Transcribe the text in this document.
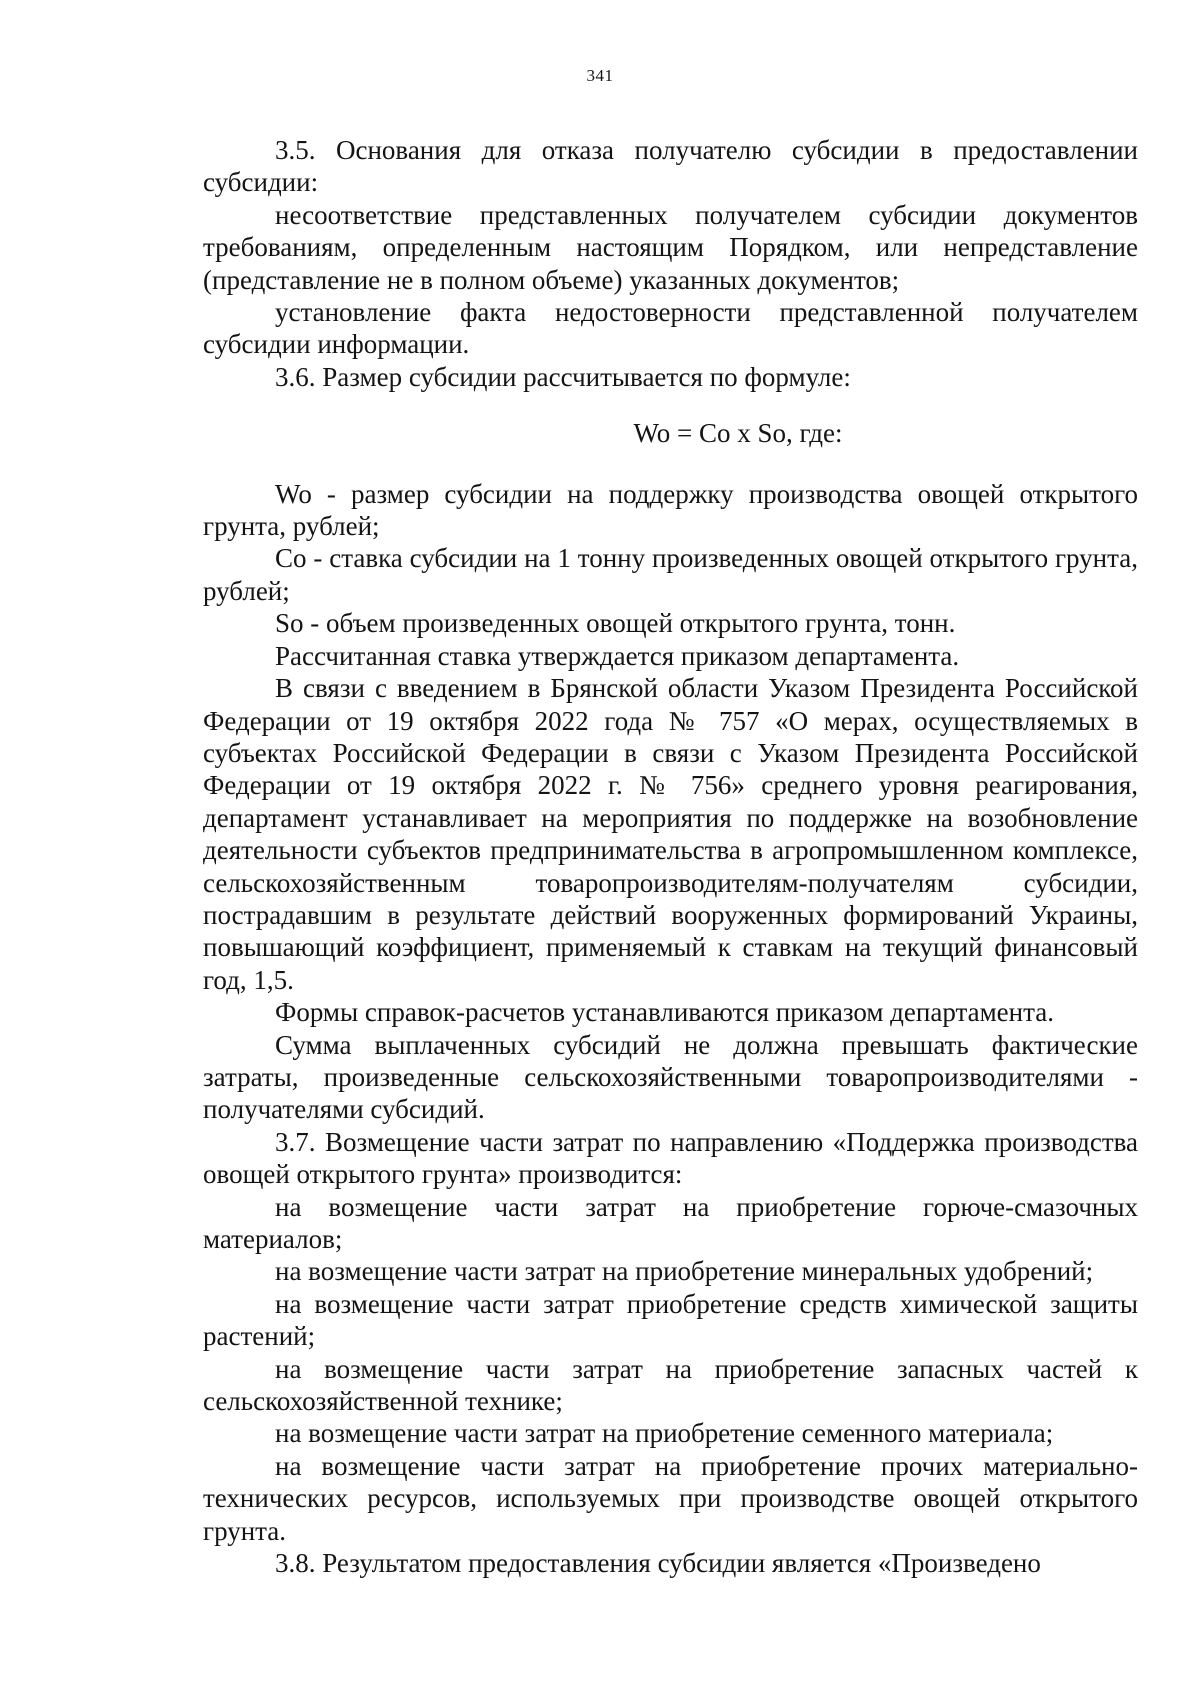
341

3.5. Основания для отказа получателю субсидии в предоставлении субсидии:

несоответствие представленных получателем субсидии документов требованиям, определенным настоящим Порядком, или непредставление (представление не в полном объеме) указанных документов;

установление факта недостоверности представленной получателем субсидии информации.

3.6. Размер субсидии рассчитывается по формуле:

Wo = Co x So, где:

Wo - размер субсидии на поддержку производства овощей открытого грунта, рублей;

Co - ставка субсидии на 1 тонну произведенных овощей открытого грунта, рублей;

So - объем произведенных овощей открытого грунта, тонн.

Рассчитанная ставка утверждается приказом департамента.

В связи с введением в Брянской области Указом Президента Российской Федерации от 19 октября 2022 года № 757 «О мерах, осуществляемых в субъектах Российской Федерации в связи с Указом Президента Российской Федерации от 19 октября 2022 г. № 756» среднего уровня реагирования, департамент устанавливает на мероприятия по поддержке на возобновление деятельности субъектов предпринимательства в агропромышленном комплексе, сельскохозяйственным товаропроизводителям-получателям субсидии, пострадавшим в результате действий вооруженных формирований Украины, повышающий коэффициент, применяемый к ставкам на текущий финансовый год, 1,5.

Формы справок-расчетов устанавливаются приказом департамента.

Сумма выплаченных субсидий не должна превышать фактические затраты, произведенные сельскохозяйственными товаропроизводителями - получателями субсидий.

3.7. Возмещение части затрат по направлению «Поддержка производства овощей открытого грунта» производится:

на возмещение части затрат на приобретение горюче-смазочных материалов;

на возмещение части затрат на приобретение минеральных удобрений;

на возмещение части затрат приобретение средств химической защиты растений;

на возмещение части затрат на приобретение запасных частей к сельскохозяйственной технике;

на возмещение части затрат на приобретение семенного материала;

на возмещение части затрат на приобретение прочих материально-технических ресурсов, используемых при производстве овощей открытого грунта.

3.8. Результатом предоставления субсидии является «Произведено
